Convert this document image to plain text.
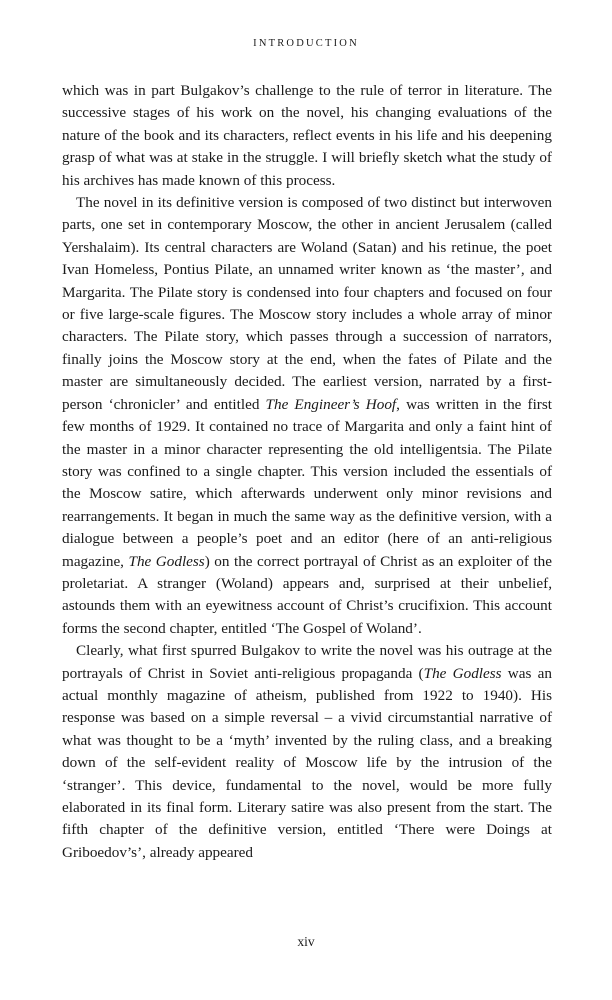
INTRODUCTION

which was in part Bulgakov’s challenge to the rule of terror in literature. The successive stages of his work on the novel, his changing evaluations of the nature of the book and its characters, reflect events in his life and his deepening grasp of what was at stake in the struggle. I will briefly sketch what the study of his archives has made known of this process.

The novel in its definitive version is composed of two distinct but interwoven parts, one set in contemporary Moscow, the other in ancient Jerusalem (called Yershalaim). Its central characters are Woland (Satan) and his retinue, the poet Ivan Homeless, Pontius Pilate, an unnamed writer known as ‘the master’, and Margarita. The Pilate story is condensed into four chapters and focused on four or five large-scale figures. The Moscow story includes a whole array of minor characters. The Pilate story, which passes through a succession of narrators, finally joins the Moscow story at the end, when the fates of Pilate and the master are simultaneously decided. The earliest version, narrated by a first-person ‘chronicler’ and entitled The Engineer’s Hoof, was written in the first few months of 1929. It contained no trace of Margarita and only a faint hint of the master in a minor character representing the old intelligentsia. The Pilate story was confined to a single chapter. This version included the essentials of the Moscow satire, which afterwards underwent only minor revisions and rearrangements. It began in much the same way as the definitive version, with a dialogue between a people’s poet and an editor (here of an anti-religious magazine, The Godless) on the correct portrayal of Christ as an exploiter of the proletariat. A stranger (Woland) appears and, surprised at their unbelief, astounds them with an eyewitness account of Christ’s crucifixion. This account forms the second chapter, entitled ‘The Gospel of Woland’.

Clearly, what first spurred Bulgakov to write the novel was his outrage at the portrayals of Christ in Soviet anti-religious propaganda (The Godless was an actual monthly magazine of atheism, published from 1922 to 1940). His response was based on a simple reversal – a vivid circumstantial narrative of what was thought to be a ‘myth’ invented by the ruling class, and a breaking down of the self-evident reality of Moscow life by the intrusion of the ‘stranger’. This device, fundamental to the novel, would be more fully elaborated in its final form. Literary satire was also present from the start. The fifth chapter of the definitive version, entitled ‘There were Doings at Griboedov’s’, already appeared

xiv
